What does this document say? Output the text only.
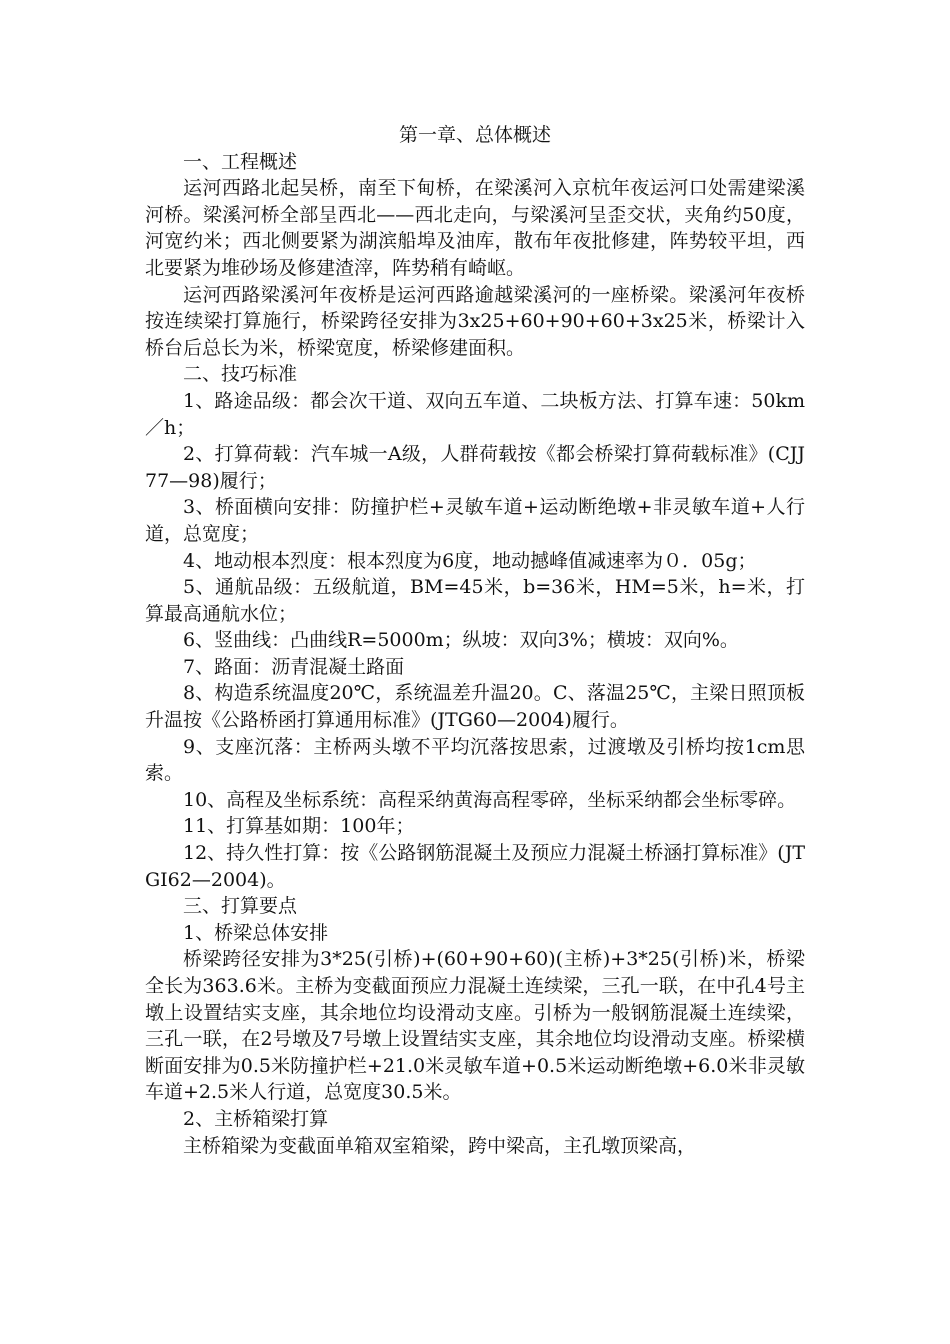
第一章、总体概述

一、工程概述

运河西路北起吴桥，南至下甸桥，在梁溪河入京杭年夜运河口处需建梁溪河桥。梁溪河桥全部呈西北——西北走向，与梁溪河呈歪交状，夹角约50度，河宽约米；西北侧要紧为湖滨船埠及油库，散布年夜批修建，阵势较平坦，西北要紧为堆砂场及修建渣滓，阵势稍有崎岖。

运河西路梁溪河年夜桥是运河西路逾越梁溪河的一座桥梁。梁溪河年夜桥按连续梁打算施行，桥梁跨径安排为3x25+60+90+60+3x25米，桥梁计入桥台后总长为米，桥梁宽度，桥梁修建面积。

二、技巧标准

1、路途品级：都会次干道、双向五车道、二块板方法、打算车速：50km／h；

2、打算荷载：汽车城一A级，人群荷载按《都会桥梁打算荷载标准》(CJJ77—98)履行；

3、桥面横向安排：防撞护栏+灵敏车道+运动断绝墩+非灵敏车道+人行道，总宽度；

4、地动根本烈度：根本烈度为6度，地动撼峰值减速率为０．05g；

5、通航品级：五级航道，BM=45米，b=36米，HM=5米，h=米，打算最高通航水位；

6、竖曲线：凸曲线R=5000m；纵坡：双向3%；横坡：双向%。

7、路面：沥青混凝土路面

8、构造系统温度20℃，系统温差升温20。C、落温25℃，主梁日照顶板升温按《公路桥函打算通用标准》(JTG60—2004)履行。

9、支座沉落：主桥两头墩不平均沉落按思索，过渡墩及引桥均按1cm思索。

10、高程及坐标系统：高程采纳黄海高程零碎，坐标采纳都会坐标零碎。

11、打算基如期：100年；

12、持久性打算：按《公路钢筋混凝土及预应力混凝土桥涵打算标准》(JTGI62—2004)。

三、打算要点

1、桥梁总体安排

桥梁跨径安排为3*25(引桥)+(60+90+60)(主桥)+3*25(引桥)米，桥梁全长为363.6米。主桥为变截面预应力混凝土连续梁，三孔一联，在中孔4号主墩上设置结实支座，其余地位均设滑动支座。引桥为一般钢筋混凝土连续梁，三孔一联，在2号墩及7号墩上设置结实支座，其余地位均设滑动支座。桥梁横断面安排为0.5米防撞护栏+21.0米灵敏车道+0.5米运动断绝墩+6.0米非灵敏车道+2.5米人行道，总宽度30.5米。

2、主桥箱梁打算

主桥箱梁为变截面单箱双室箱梁，跨中梁高，主孔墩顶梁高，
